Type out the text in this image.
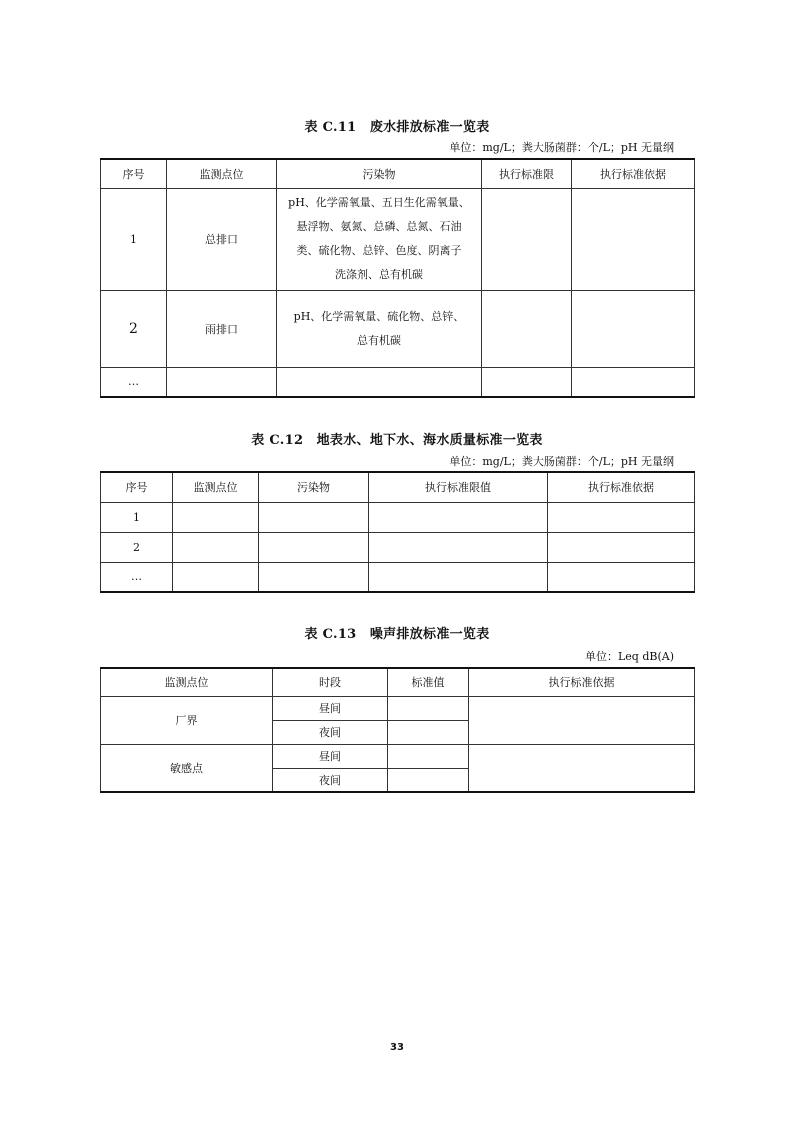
表 C.11　废水排放标准一览表
单位：mg/L；粪大肠菌群：个/L；pH 无量纲
序号	监测点位	污染物	执行标准限	执行标准依据
1	总排口	pH、化学需氧量、五日生化需氧量、
悬浮物、氨氮、总磷、总氮、石油
类、硫化物、总锌、色度、阴离子
洗涤剂、总有机碳		

2	雨排口	pH、化学需氧量、硫化物、总锌、
总有机碳		

…				
表 C.12　地表水、地下水、海水质量标准一览表
单位：mg/L；粪大肠菌群：个/L；pH 无量纲
序号	监测点位	污染物	执行标准限值	执行标准依据
1				
2				
…				
表 C.13　噪声排放标准一览表
单位：Leq dB(A)
监测点位	时段	标准值	执行标准依据
厂界	昼间		
	夜间		
敏感点	昼间		
	夜间		
33
